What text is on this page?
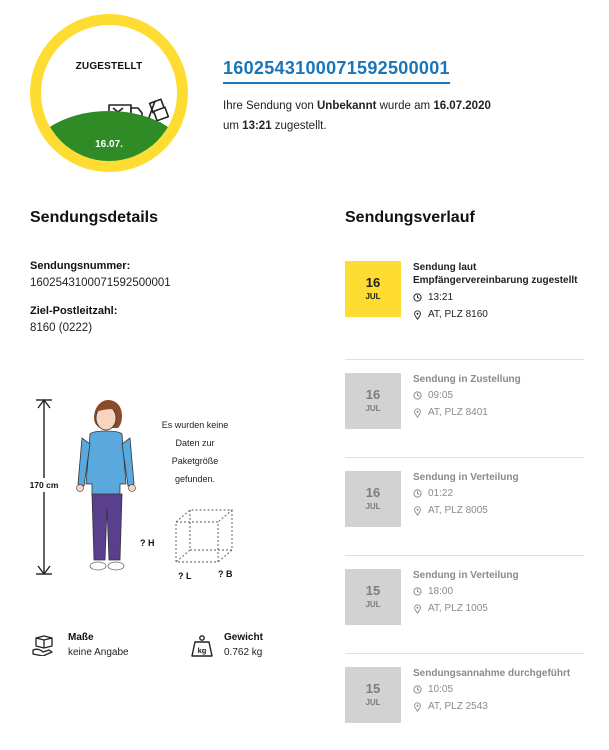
ZUGESTELLT
16.07.
1602543100071592500001
Ihre Sendung von Unbekannt wurde am 16.07.2020
um 13:21 zugestellt.
Sendungsdetails
Sendungsnummer:
1602543100071592500001
Ziel-Postleitzahl:
8160 (0222)
170 cm
? H
? L	? B
Es wurden keine Daten zur Paketgröße gefunden.
Maße
keine Angabe	kg
Gewicht
0.762 kg
Sendungsverlauf
16
JUL
Sendung laut Empfängervereinbarung zugestellt
13:21
AT, PLZ 8160
16
JUL
Sendung in Zustellung
09:05
AT, PLZ 8401
16
JUL
Sendung in Verteilung
01:22
AT, PLZ 8005
15
JUL
Sendung in Verteilung
18:00
AT, PLZ 1005
15
JUL
Sendungsannahme durchgeführt
10:05
AT, PLZ 2543
